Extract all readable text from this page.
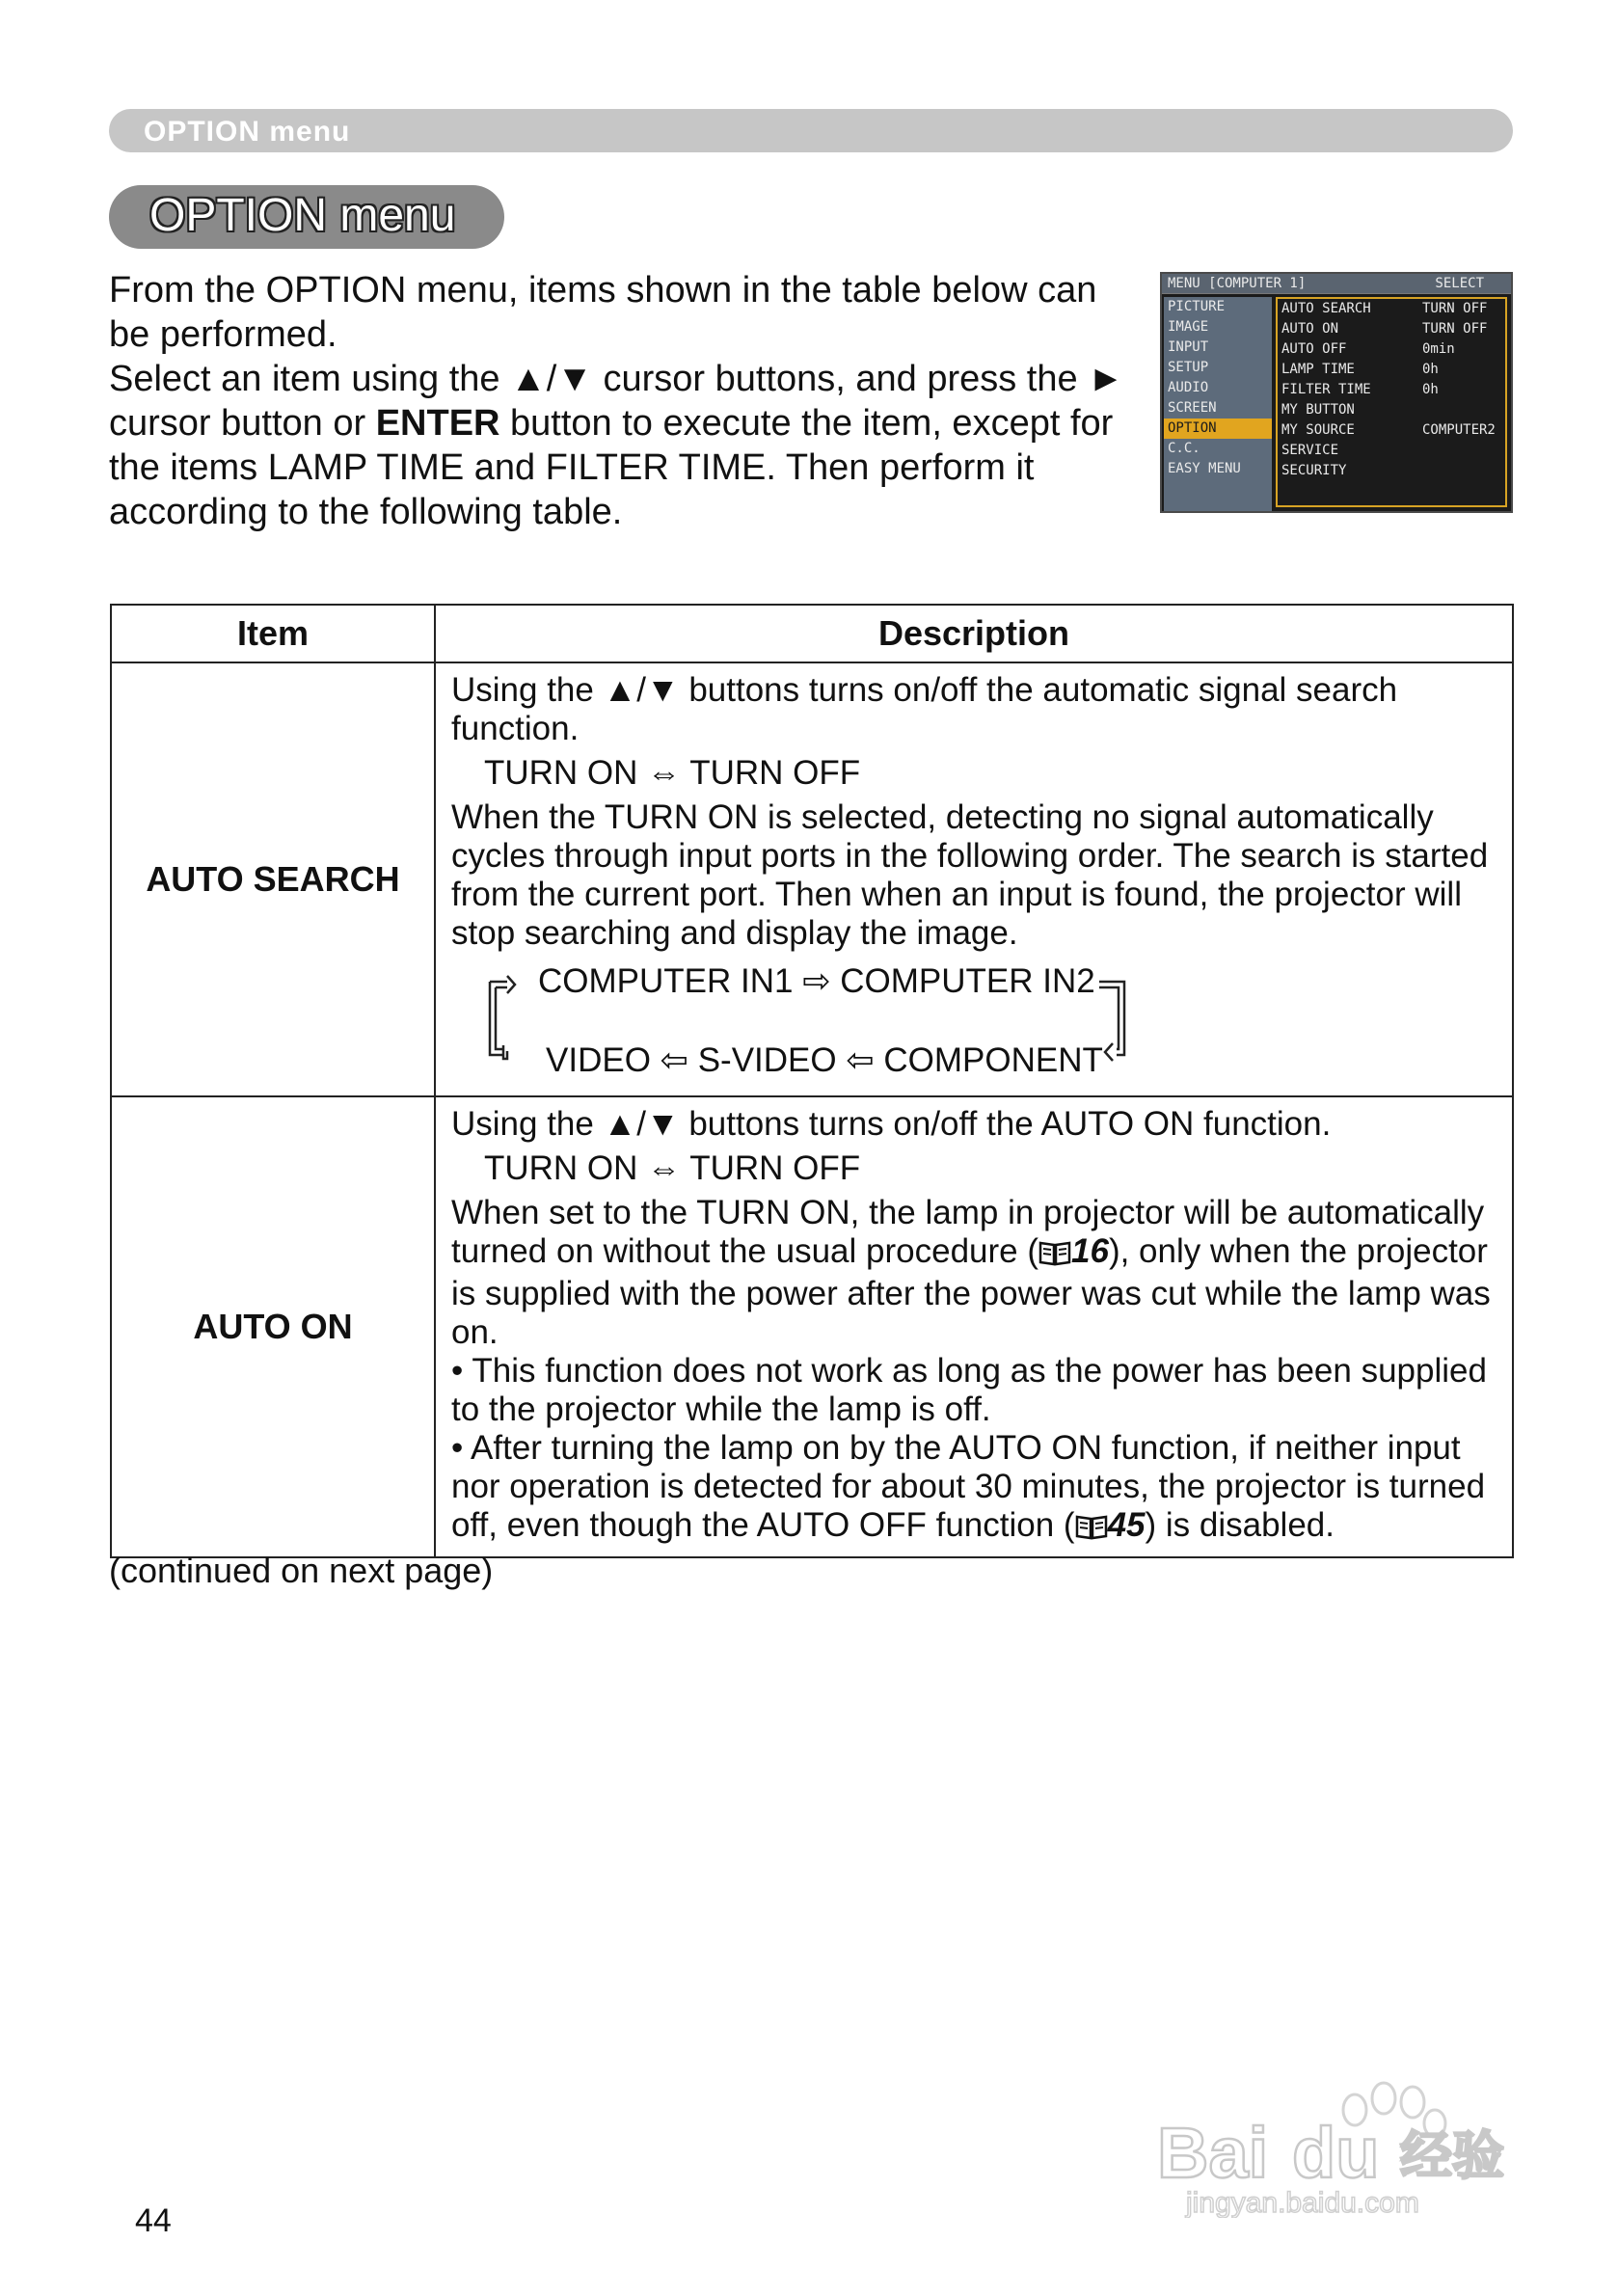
OPTION menu
OPTION menu

From the OPTION menu, items shown in the table below can be performed.

Select an item using the ▲/▼ cursor buttons, and press the ► cursor button or ENTER button to execute the item, except for the items LAMP TIME and FILTER TIME. Then perform it according to the following table.

MENU [COMPUTER 1]	SELECT
PICTURE
IMAGE
INPUT
SETUP
AUDIO
SCREEN
OPTION
C.C.
EASY MENU
AUTO SEARCH	TURN OFF
AUTO ON	TURN OFF
AUTO OFF	0min
LAMP TIME	0h
FILTER TIME	0h
MY BUTTON
MY SOURCE	COMPUTER2
SERVICE
SECURITY
Item	Description
AUTO SEARCH	Using the ▲/▼ buttons turns on/off the automatic signal search function.

TURN ON ⇔ TURN OFF

When the TURN ON is selected, detecting no signal automatically cycles through input ports in the following order. The search is started from the current port. Then when an input is found, the projector will stop searching and display the image.

COMPUTER IN1 ⇨ COMPUTER IN2
VIDEO ⇦ S-VIDEO ⇦ COMPONENT

AUTO ON	Using the ▲/▼ buttons turns on/off the AUTO ON function.

TURN ON ⇔ TURN OFF

When set to the TURN ON, the lamp in projector will be automatically turned on without the usual procedure ( 16), only when the projector is supplied with the power after the power was cut while the lamp was on.

• This function does not work as long as the power has been supplied to the projector while the lamp is off.

• After turning the lamp on by the AUTO ON function, if neither input nor operation is detected for about 30 minutes, the projector is turned off, even though the AUTO OFF function ( 45) is disabled.

(continued on next page)
44
Bai du 经验
jingyan.baidu.com
